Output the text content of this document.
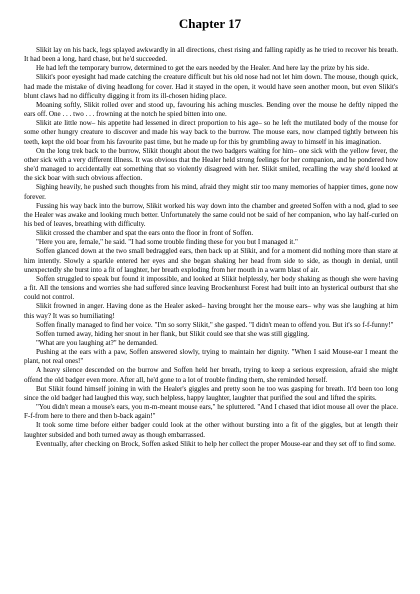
Chapter 17

Slikit lay on his back, legs splayed awkwardly in all directions, chest rising and falling rapidly as he tried to recover his breath. It had been a long, hard chase, but he'd succeeded.

He had left the temporary burrow, determined to get the ears needed by the Healer. And here lay the prize by his side.

Slikit's poor eyesight had made catching the creature difficult but his old nose had not let him down. The mouse, though quick, had made the mistake of diving headlong for cover. Had it stayed in the open, it would have seen another moon, but even Slikit's blunt claws had no difficulty digging it from its ill-chosen hiding place.

Moaning softly, Slikit rolled over and stood up, favouring his aching muscles. Bending over the mouse he deftly nipped the ears off. One . . . two . . . frowning at the notch he spied bitten into one.

Slikit ate little now– his appetite had lessened in direct proportion to his age– so he left the mutilated body of the mouse for some other hungry creature to discover and made his way back to the burrow. The mouse ears, now clamped tightly between his teeth, kept the old boar from his favourite past time, but he made up for this by grumbling away to himself in his imagination.

On the long trek back to the burrow, Slikit thought about the two badgers waiting for him– one sick with the yellow fever, the other sick with a very different illness. It was obvious that the Healer held strong feelings for her companion, and he pondered how she'd managed to accidentally eat something that so violently disagreed with her. Slikit smiled, recalling the way she'd looked at the sick boar with such obvious affection.

Sighing heavily, he pushed such thoughts from his mind, afraid they might stir too many memories of happier times, gone now forever.

Fussing his way back into the burrow, Slikit worked his way down into the chamber and greeted Soffen with a nod, glad to see the Healer was awake and looking much better. Unfortunately the same could not be said of her companion, who lay half-curled on his bed of leaves, breathing with difficulty.

Slikit crossed the chamber and spat the ears onto the floor in front of Soffen.

"Here you are, female," he said. "I had some trouble finding these for you but I managed it."

Soffen glanced down at the two small bedraggled ears, then back up at Slikit, and for a moment did nothing more than stare at him intently. Slowly a sparkle entered her eyes and she began shaking her head from side to side, as though in denial, until unexpectedly she burst into a fit of laughter, her breath exploding from her mouth in a warm blast of air.

Soffen struggled to speak but found it impossible, and looked at Slikit helplessly, her body shaking as though she were having a fit. All the tensions and worries she had suffered since leaving Brockenhurst Forest had built into an hysterical outburst that she could not control.

Slikit frowned in anger. Having done as the Healer asked– having brought her the mouse ears– why was she laughing at him this way? It was so humiliating!

Soffen finally managed to find her voice. "I'm so sorry Slikit," she gasped. "I didn't mean to offend you. But it's so f-f-funny!"

Soffen turned away, hiding her snout in her flank, but Slikit could see that she was still giggling.

"What are you laughing at?" he demanded.

Pushing at the ears with a paw, Soffen answered slowly, trying to maintain her dignity. "When I said Mouse-ear I meant the plant, not real ones!"

A heavy silence descended on the burrow and Soffen held her breath, trying to keep a serious expression, afraid she might offend the old badger even more. After all, he'd gone to a lot of trouble finding them, she reminded herself.

But Slikit found himself joining in with the Healer's giggles and pretty soon he too was gasping for breath. It'd been too long since the old badger had laughed this way, such helpless, happy laughter, laughter that purified the soul and lifted the spirits.

"You didn't mean a mouse's ears, you m-m-meant mouse ears," he spluttered. "And I chased that idiot mouse all over the place. F-f-from here to there and then b-back again!"

It took some time before either badger could look at the other without bursting into a fit of the giggles, but at length their laughter subsided and both turned away as though embarrassed.

Eventually, after checking on Brock, Soffen asked Slikit to help her collect the proper Mouse-ear and they set off to find some.
